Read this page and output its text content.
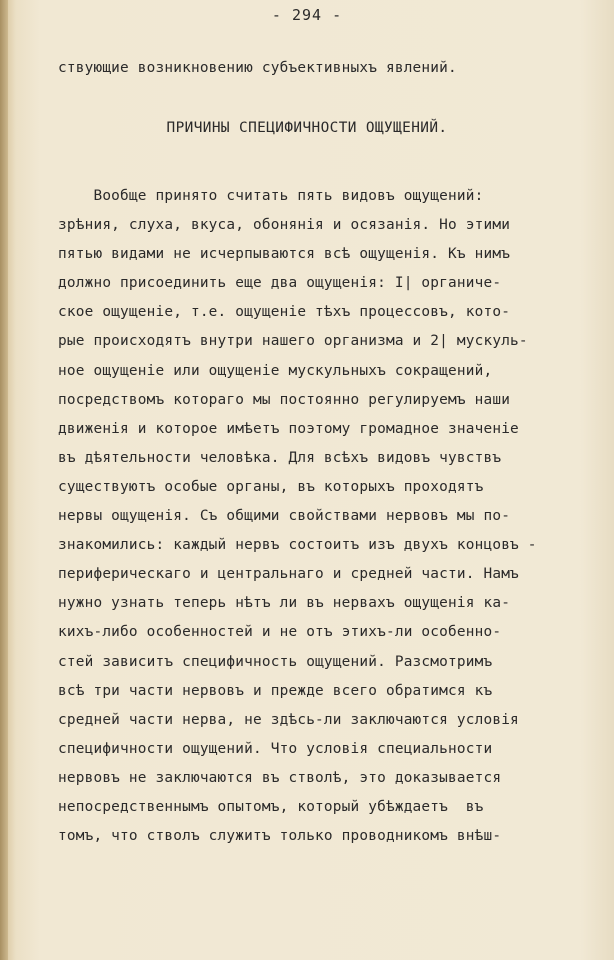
- 294 -
ствующие возникновению субъективныхъ явлений.
ПРИЧИНЫ СПЕЦИФИЧНОСТИ ОЩУЩЕНИЙ.
Вообще принято считать пять видовъ ощущений:
зрѣния, слуха, вкуса, обонянiя и осязанiя. Но этими
пятью видами не исчерпываются всѣ ощущенiя. Къ нимъ
должно присоединить еще два ощущенiя: I| органиче-
ское ощущенiе, т.е. ощущенiе тѣхъ процессовъ, кото-
рые происходятъ внутри нашего организма и 2| мускуль-
ное ощущенiе или ощущенiе мускульныхъ сокращений,
посредствомъ котораго мы постоянно регулируемъ наши
движенiя и которое имѣетъ поэтому громадное значенiе
въ дѣятельности человѣка. Для всѣхъ видовъ чувствъ
существуютъ особые органы, въ которыхъ проходятъ
нервы ощущенiя. Съ общими свойствами нервовъ мы по-
знакомились: каждый нервъ состоитъ изъ двухъ концовъ -
периферическаго и центральнаго и средней части. Намъ
нужно узнать теперь нѣтъ ли въ нервахъ ощущенiя ка-
кихъ-либо особенностей и не отъ этихъ-ли особенно-
стей зависитъ специфичность ощущений. Разсмотримъ
всѣ три части нервовъ и прежде всего обратимся къ
средней части нерва, не здѣсь-ли заключаются условiя
специфичности ощущений. Что условiя специальности
нервовъ не заключаются въ стволѣ, это доказывается
непосредственнымъ опытомъ, который убѣждаетъ  въ
томъ, что стволъ служитъ только проводникомъ внѣш-
